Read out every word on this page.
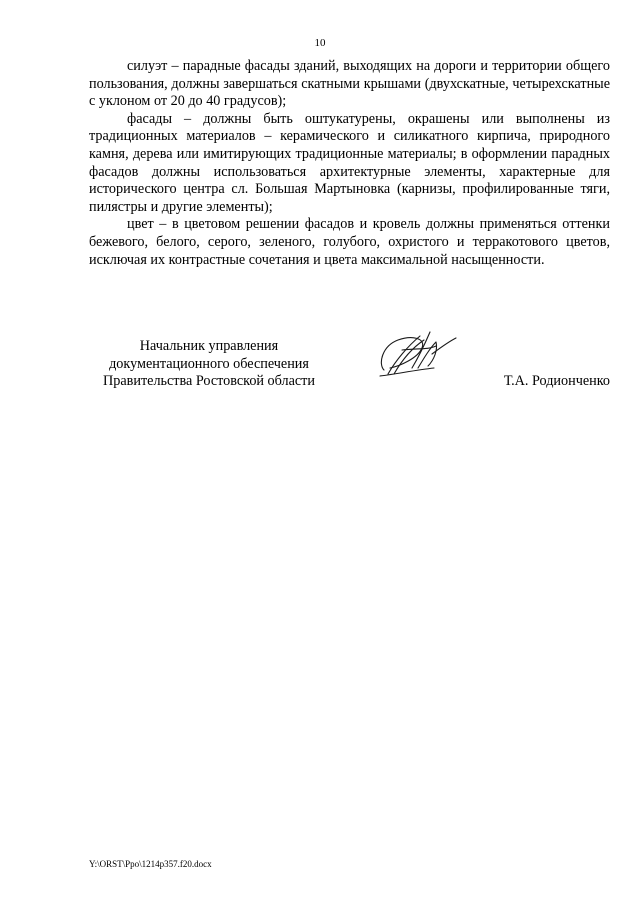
10

силуэт – парадные фасады зданий, выходящих на дороги и территории общего пользования, должны завершаться скатными крышами (двухскатные, четырехскатные с уклоном от 20 до 40 градусов);

фасады – должны быть оштукатурены, окрашены или выполнены из традиционных материалов – керамического и силикатного кирпича, природного камня, дерева или имитирующих традиционные материалы; в оформлении парадных фасадов должны использоваться архитектурные элементы, характерные для исторического центра сл. Большая Мартыновка (карнизы, профилированные тяги, пилястры и другие элементы);

цвет – в цветовом решении фасадов и кровель должны применяться оттенки бежевого, белого, серого, зеленого, голубого, охристого и терракотового цветов, исключая их контрастные сочетания и цвета максимальной насыщенности.

Начальник управления
документационного обеспечения
Правительства Ростовской области	Т.А. Родионченко
Y:\ORST\Ppo\1214p357.f20.docx
